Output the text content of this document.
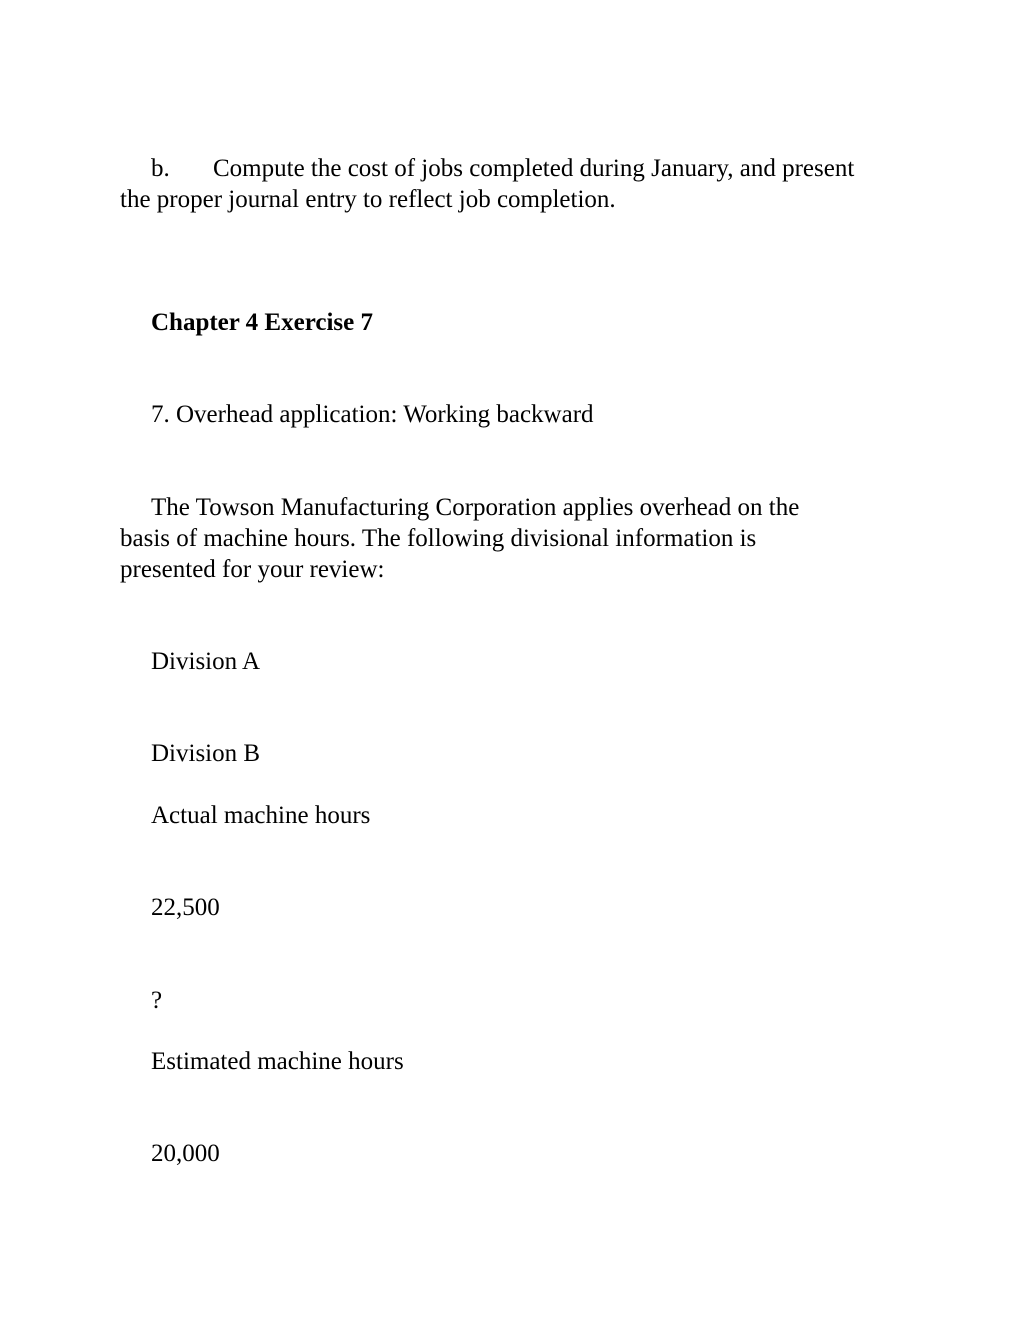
b. Compute the cost of jobs completed during January, and present
the proper journal entry to reflect job completion.
Chapter 4 Exercise 7
7. Overhead application: Working backward
The Towson Manufacturing Corporation applies overhead on the
basis of machine hours. The following divisional information is
presented for your review:
Division A
Division B
Actual machine hours
22,500
?
Estimated machine hours
20,000
